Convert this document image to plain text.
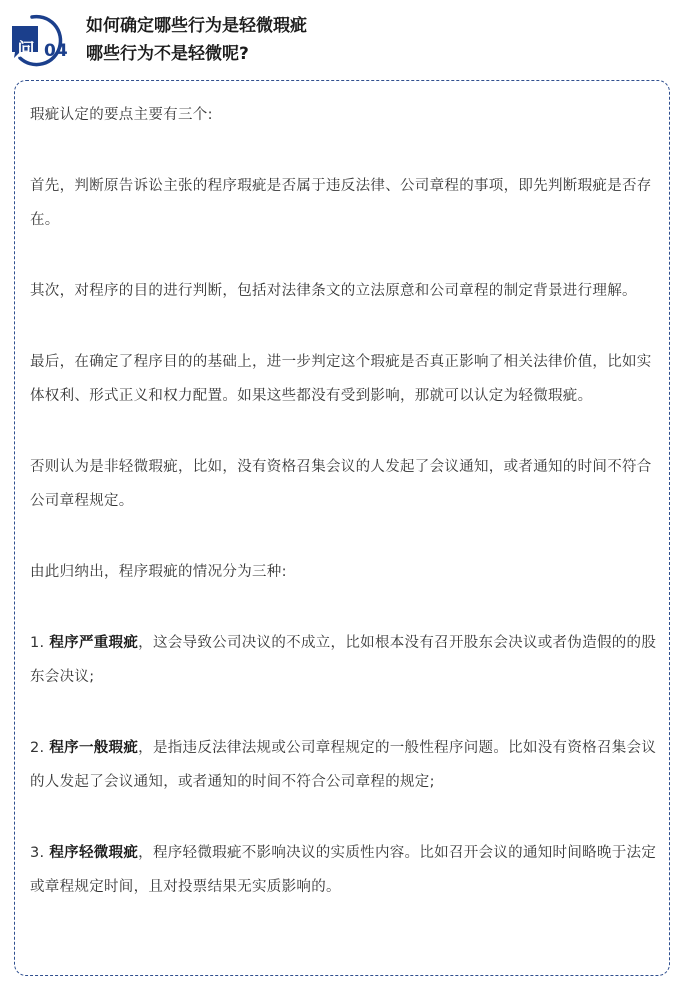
问 04
如何确定哪些行为是轻微瑕疵
哪些行为不是轻微呢?

瑕疵认定的要点主要有三个:

首先，判断原告诉讼主张的程序瑕疵是否属于违反法律、公司章程的事项，即先判断瑕疵是否存在。

其次，对程序的目的进行判断，包括对法律条文的立法原意和公司章程的制定背景进行理解。

最后，在确定了程序目的的基础上，进一步判定这个瑕疵是否真正影响了相关法律价值，比如实体权利、形式正义和权力配置。如果这些都没有受到影响，那就可以认定为轻微瑕疵。

否则认为是非轻微瑕疵，比如，没有资格召集会议的人发起了会议通知，或者通知的时间不符合公司章程规定。

由此归纳出，程序瑕疵的情况分为三种:

1. 程序严重瑕疵，这会导致公司决议的不成立，比如根本没有召开股东会决议或者伪造假的的股东会决议;

2. 程序一般瑕疵，是指违反法律法规或公司章程规定的一般性程序问题。比如没有资格召集会议的人发起了会议通知，或者通知的时间不符合公司章程的规定;

3. 程序轻微瑕疵，程序轻微瑕疵不影响决议的实质性内容。比如召开会议的通知时间略晚于法定或章程规定时间，且对投票结果无实质影响的。
